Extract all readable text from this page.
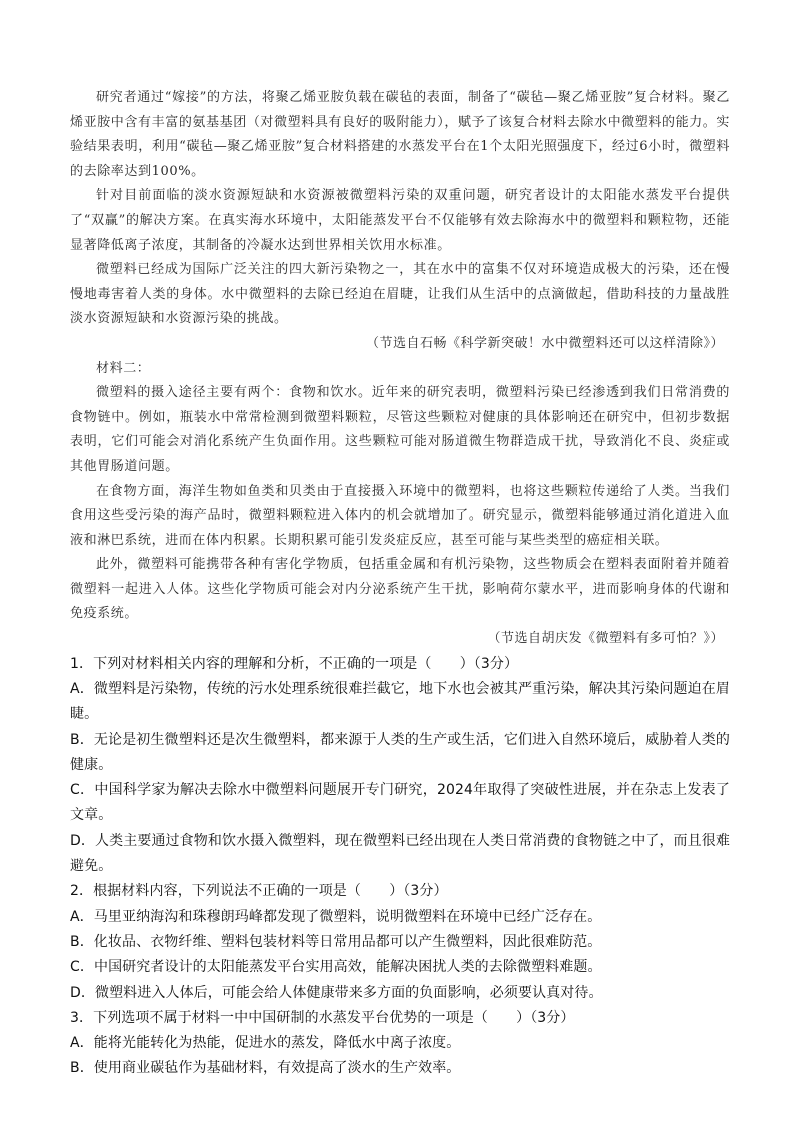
研究者通过“嫁接”的方法，将聚乙烯亚胺负载在碳毡的表面，制备了“碳毡—聚乙烯亚胺”复合材料。聚乙烯亚胺中含有丰富的氨基基团（对微塑料具有良好的吸附能力），赋予了该复合材料去除水中微塑料的能力。实验结果表明，利用“碳毡—聚乙烯亚胺”复合材料搭建的水蒸发平台在1个太阳光照强度下，经过6小时，微塑料的去除率达到100%。

针对目前面临的淡水资源短缺和水资源被微塑料污染的双重问题，研究者设计的太阳能水蒸发平台提供了“双赢”的解决方案。在真实海水环境中，太阳能蒸发平台不仅能够有效去除海水中的微塑料和颗粒物，还能显著降低离子浓度，其制备的冷凝水达到世界相关饮用水标准。

微塑料已经成为国际广泛关注的四大新污染物之一，其在水中的富集不仅对环境造成极大的污染，还在慢慢地毒害着人类的身体。水中微塑料的去除已经迫在眉睫，让我们从生活中的点滴做起，借助科技的力量战胜淡水资源短缺和水资源污染的挑战。

（节选自石畅《科学新突破！水中微塑料还可以这样清除》）

材料二：

微塑料的摄入途径主要有两个：食物和饮水。近年来的研究表明，微塑料污染已经渗透到我们日常消费的食物链中。例如，瓶装水中常常检测到微塑料颗粒，尽管这些颗粒对健康的具体影响还在研究中，但初步数据表明，它们可能会对消化系统产生负面作用。这些颗粒可能对肠道微生物群造成干扰，导致消化不良、炎症或其他胃肠道问题。

在食物方面，海洋生物如鱼类和贝类由于直接摄入环境中的微塑料，也将这些颗粒传递给了人类。当我们食用这些受污染的海产品时，微塑料颗粒进入体内的机会就增加了。研究显示，微塑料能够通过消化道进入血液和淋巴系统，进而在体内积累。长期积累可能引发炎症反应，甚至可能与某些类型的癌症相关联。

此外，微塑料可能携带各种有害化学物质，包括重金属和有机污染物，这些物质会在塑料表面附着并随着微塑料一起进入人体。这些化学物质可能会对内分泌系统产生干扰，影响荷尔蒙水平，进而影响身体的代谢和免疫系统。

（节选自胡庆发《微塑料有多可怕？》）

1．下列对材料相关内容的理解和分析，不正确的一项是（　　）（3分）

A．微塑料是污染物，传统的污水处理系统很难拦截它，地下水也会被其严重污染，解决其污染问题迫在眉睫。

B．无论是初生微塑料还是次生微塑料，都来源于人类的生产或生活，它们进入自然环境后，威胁着人类的健康。

C．中国科学家为解决去除水中微塑料问题展开专门研究，2024年取得了突破性进展，并在杂志上发表了文章。

D．人类主要通过食物和饮水摄入微塑料，现在微塑料已经出现在人类日常消费的食物链之中了，而且很难避免。

2．根据材料内容，下列说法不正确的一项是（　　）（3分）

A．马里亚纳海沟和珠穆朗玛峰都发现了微塑料，说明微塑料在环境中已经广泛存在。

B．化妆品、衣物纤维、塑料包装材料等日常用品都可以产生微塑料，因此很难防范。

C．中国研究者设计的太阳能蒸发平台实用高效，能解决困扰人类的去除微塑料难题。

D．微塑料进入人体后，可能会给人体健康带来多方面的负面影响，必须要认真对待。

3．下列选项不属于材料一中中国研制的水蒸发平台优势的一项是（　　）（3分）

A．能将光能转化为热能，促进水的蒸发，降低水中离子浓度。

B．使用商业碳毡作为基础材料，有效提高了淡水的生产效率。
